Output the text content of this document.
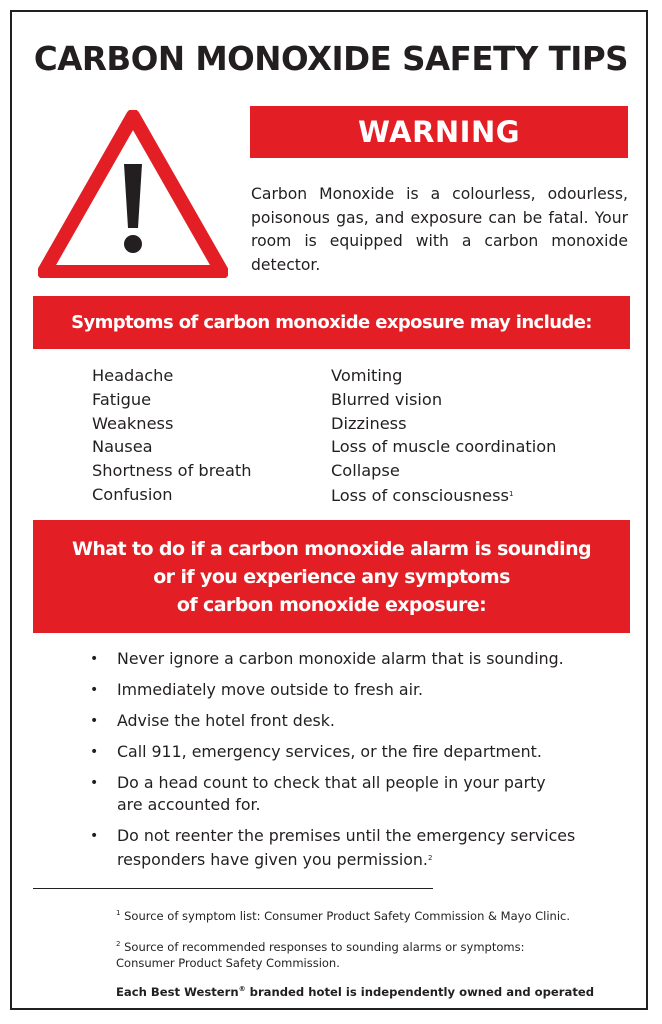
CARBON MONOXIDE SAFETY TIPS
WARNING
Carbon Monoxide is a colourless, odourless, poisonous gas, and exposure can be fatal. Your room is equipped with a carbon monoxide detector.
Symptoms of carbon monoxide exposure may include:
Headache
Fatigue
Weakness
Nausea
Shortness of breath
Confusion
Vomiting
Blurred vision
Dizziness
Loss of muscle coordination
Collapse
Loss of consciousness$^1$
What to do if a carbon monoxide alarm is sounding
or if you experience any symptoms
of carbon monoxide exposure:
• Never ignore a carbon monoxide alarm that is sounding.
• Immediately move outside to fresh air.
• Advise the hotel front desk.
• Call 911, emergency services, or the fire department.
• Do a head count to check that all people in your party
are accounted for.
• Do not reenter the premises until the emergency services
responders have given you permission.$^2$
$^1$ Source of symptom list: Consumer Product Safety Commission & Mayo Clinic.
$^2$ Source of recommended responses to sounding alarms or symptoms:
Consumer Product Safety Commission.
Each Best Western® branded hotel is independently owned and operated
